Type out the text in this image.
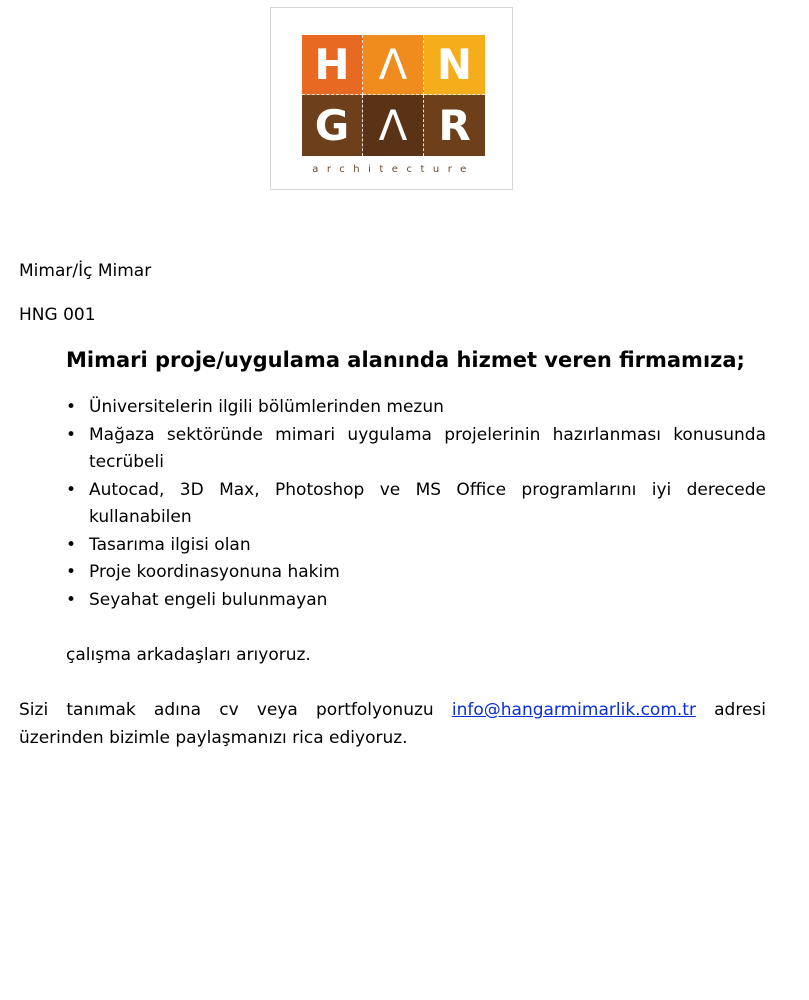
H Λ N
G Λ R
architecture

Mimar/İç Mimar

HNG 001

Mimari proje/uygulama alanında hizmet veren firmamıza;
• Üniversitelerin ilgili bölümlerinden mezun
• Mağaza sektöründe mimari uygulama projelerinin hazırlanması konusunda tecrübeli
• Autocad, 3D Max, Photoshop ve MS Office programlarını iyi derecede kullanabilen
• Tasarıma ilgisi olan
• Proje koordinasyonuna hakim
• Seyahat engeli bulunmayan

çalışma arkadaşları arıyoruz.

Sizi tanımak adına cv veya portfolyonuzu info@hangarmimarlik.com.tr adresi üzerinden bizimle paylaşmanızı rica ediyoruz.
